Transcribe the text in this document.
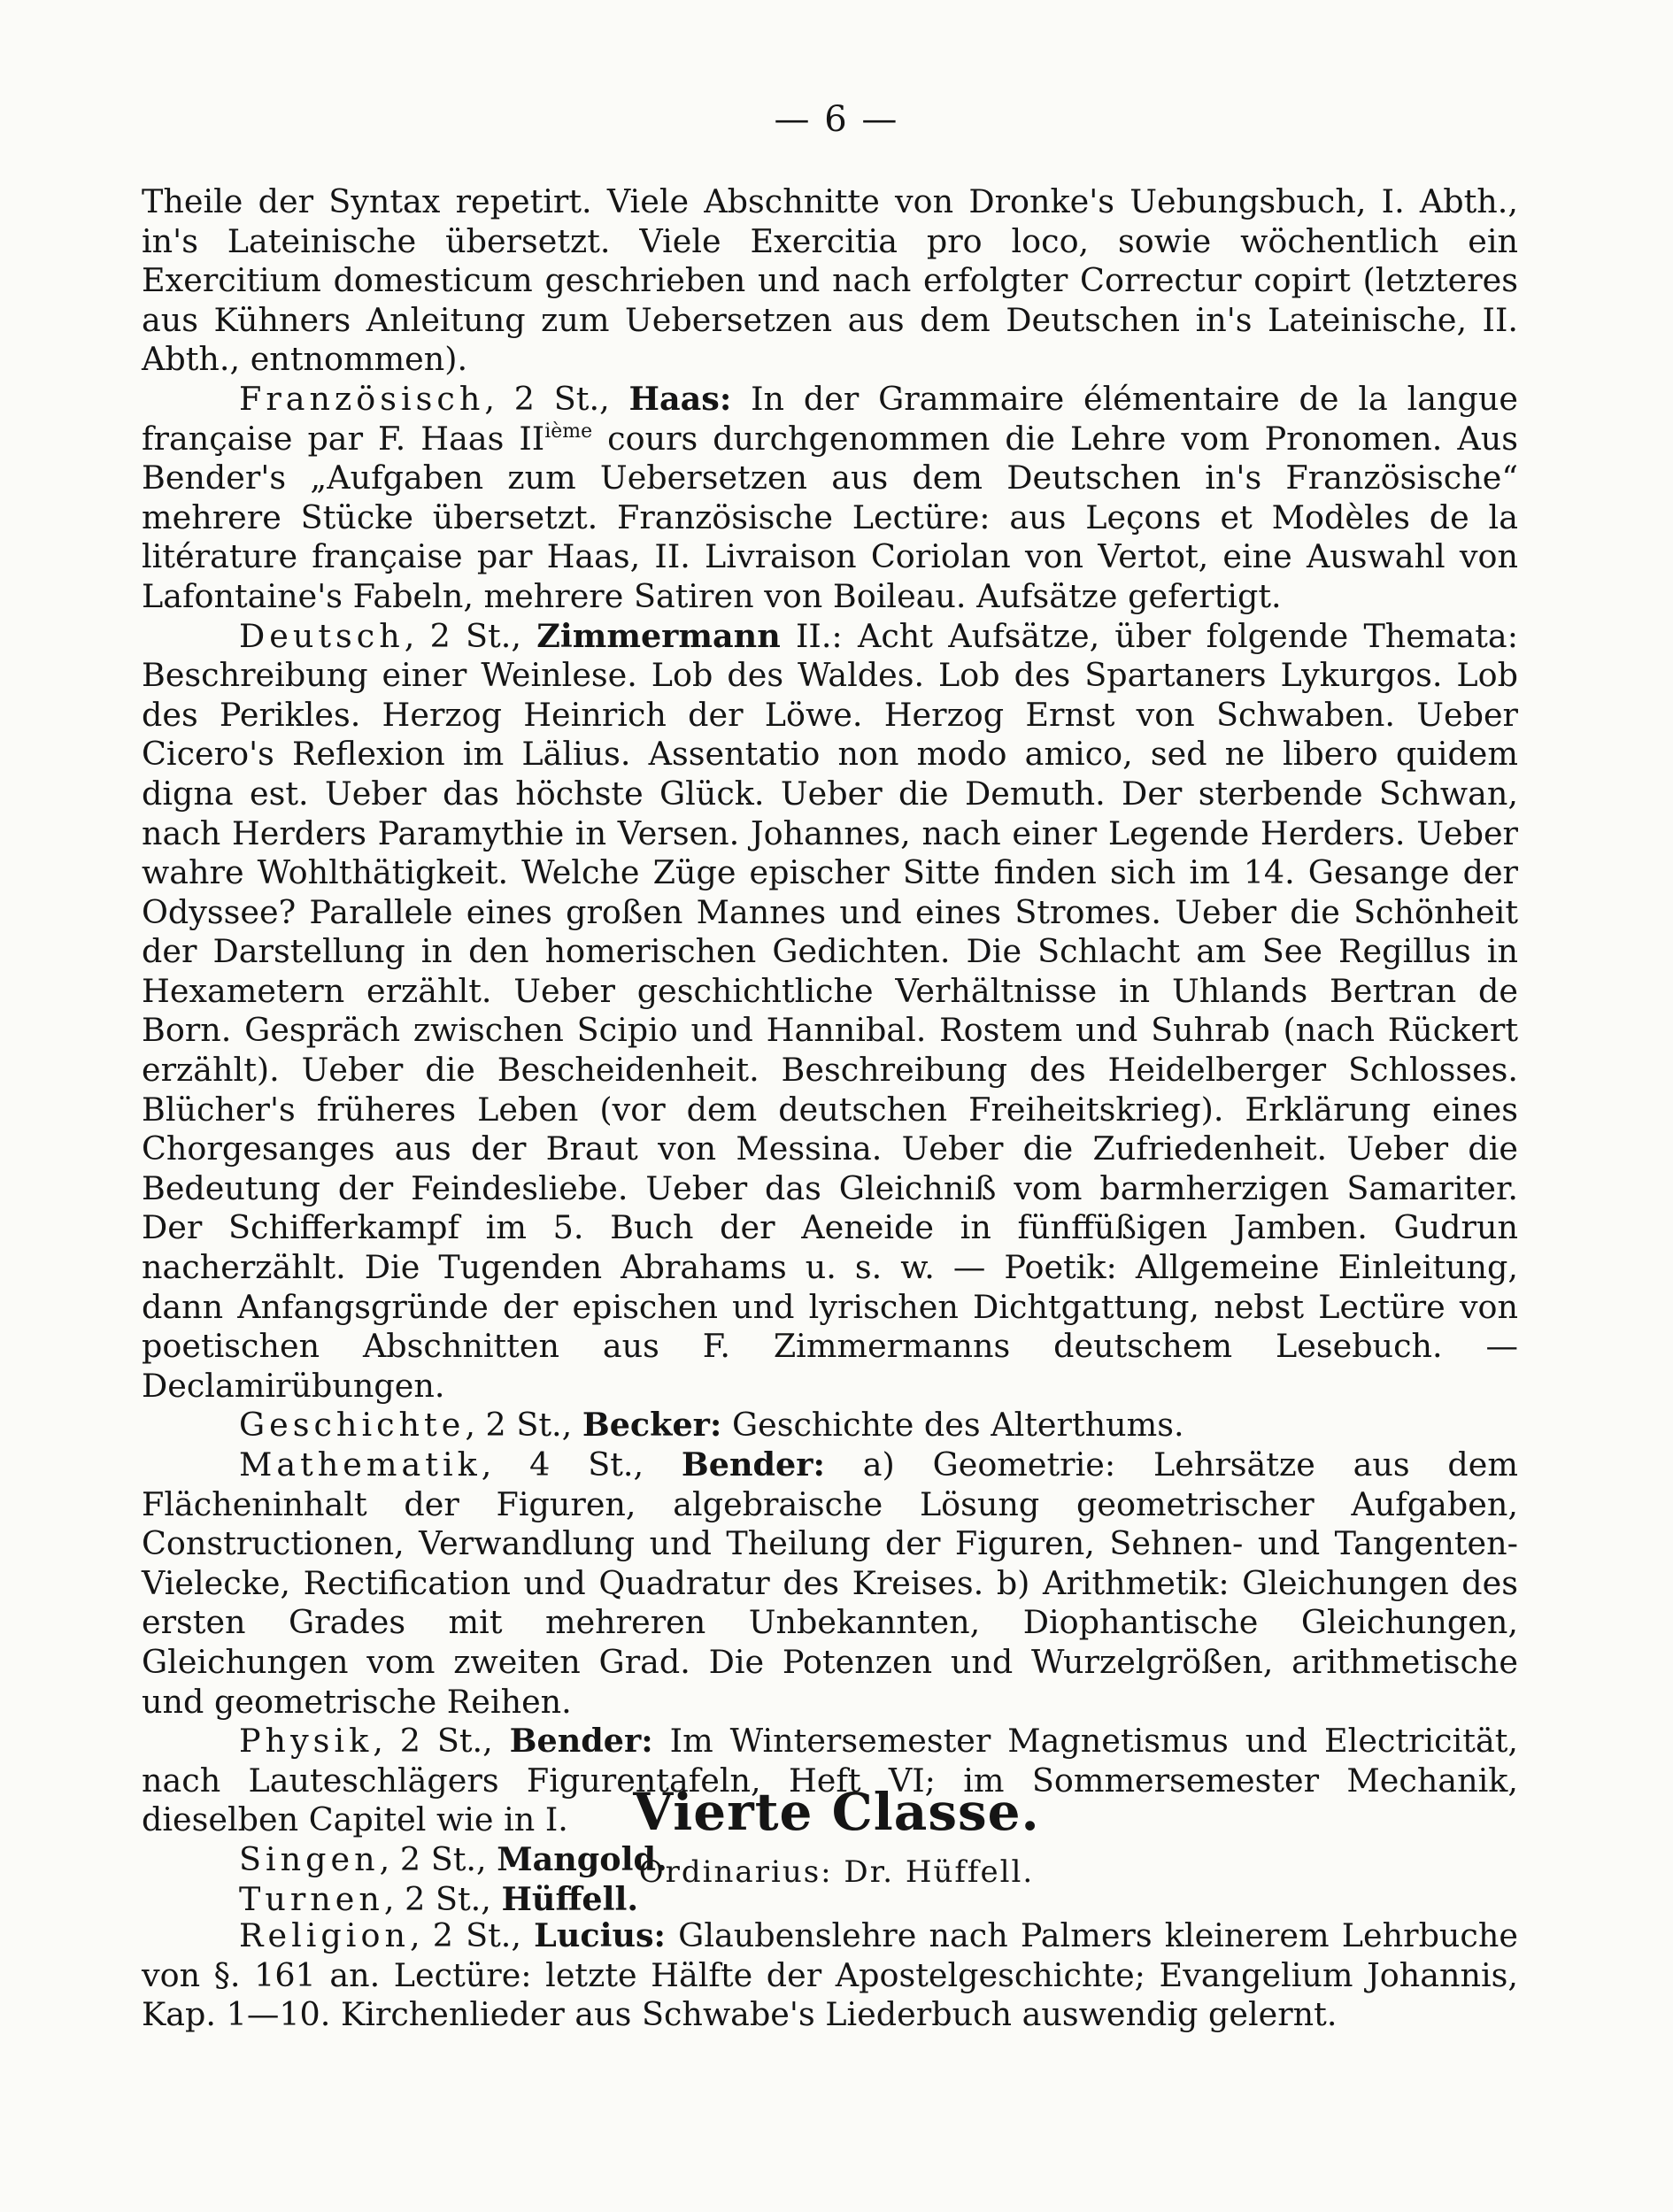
— 6 —

Theile der Syntax repetirt. Viele Abschnitte von Dronke's Uebungsbuch, I. Abth., in's Lateinische übersetzt. Viele Exercitia pro loco, sowie wöchentlich ein Exercitium domesticum geschrieben und nach erfolgter Correctur copirt (letzteres aus Kühners Anleitung zum Uebersetzen aus dem Deutschen in's Lateinische, II. Abth., entnommen).

Französisch, 2 St., Haas: In der Grammaire élémentaire de la langue française par F. Haas IIième cours durchgenommen die Lehre vom Pronomen. Aus Bender's „Aufgaben zum Uebersetzen aus dem Deutschen in's Französische“ mehrere Stücke übersetzt. Französische Lectüre: aus Leçons et Modèles de la litérature française par Haas, II. Livraison Coriolan von Vertot, eine Auswahl von Lafontaine's Fabeln, mehrere Satiren von Boileau. Aufsätze gefertigt.

Deutsch, 2 St., Zimmermann II.: Acht Aufsätze, über folgende Themata: Beschreibung einer Weinlese. Lob des Waldes. Lob des Spartaners Lykurgos. Lob des Perikles. Herzog Heinrich der Löwe. Herzog Ernst von Schwaben. Ueber Cicero's Reflexion im Lälius. Assentatio non modo amico, sed ne libero quidem digna est. Ueber das höchste Glück. Ueber die Demuth. Der sterbende Schwan, nach Herders Paramythie in Versen. Johannes, nach einer Legende Herders. Ueber wahre Wohlthätigkeit. Welche Züge epischer Sitte finden sich im 14. Gesange der Odyssee? Parallele eines großen Mannes und eines Stromes. Ueber die Schönheit der Darstellung in den homerischen Gedichten. Die Schlacht am See Regillus in Hexametern erzählt. Ueber geschichtliche Verhältnisse in Uhlands Bertran de Born. Gespräch zwischen Scipio und Hannibal. Rostem und Suhrab (nach Rückert erzählt). Ueber die Bescheidenheit. Beschreibung des Heidelberger Schlosses. Blücher's früheres Leben (vor dem deutschen Freiheitskrieg). Erklärung eines Chorgesanges aus der Braut von Messina. Ueber die Zufriedenheit. Ueber die Bedeutung der Feindesliebe. Ueber das Gleichniß vom barmherzigen Samariter. Der Schifferkampf im 5. Buch der Aeneide in fünffüßigen Jamben. Gudrun nacherzählt. Die Tugenden Abrahams u. s. w. — Poetik: Allgemeine Einleitung, dann Anfangsgründe der epischen und lyrischen Dichtgattung, nebst Lectüre von poetischen Abschnitten aus F. Zimmermanns deutschem Lesebuch. — Declamirübungen.

Geschichte, 2 St., Becker: Geschichte des Alterthums.

Mathematik, 4 St., Bender: a) Geometrie: Lehrsätze aus dem Flächeninhalt der Figuren, algebraische Lösung geometrischer Aufgaben, Constructionen, Verwandlung und Theilung der Figuren, Sehnen- und Tangenten-Vielecke, Rectification und Quadratur des Kreises. b) Arithmetik: Gleichungen des ersten Grades mit mehreren Unbekannten, Diophantische Gleichungen, Gleichungen vom zweiten Grad. Die Potenzen und Wurzelgrößen, arithmetische und geometrische Reihen.

Physik, 2 St., Bender: Im Wintersemester Magnetismus und Electricität, nach Lauteschlägers Figurentafeln, Heft VI; im Sommersemester Mechanik, dieselben Capitel wie in I.

Singen, 2 St., Mangold.

Turnen, 2 St., Hüffell.

Vierte Classe.
Ordinarius: Dr. Hüffell.

Religion, 2 St., Lucius: Glaubenslehre nach Palmers kleinerem Lehrbuche von §. 161 an. Lectüre: letzte Hälfte der Apostelgeschichte; Evangelium Johannis, Kap. 1—10. Kirchenlieder aus Schwabe's Liederbuch auswendig gelernt.
